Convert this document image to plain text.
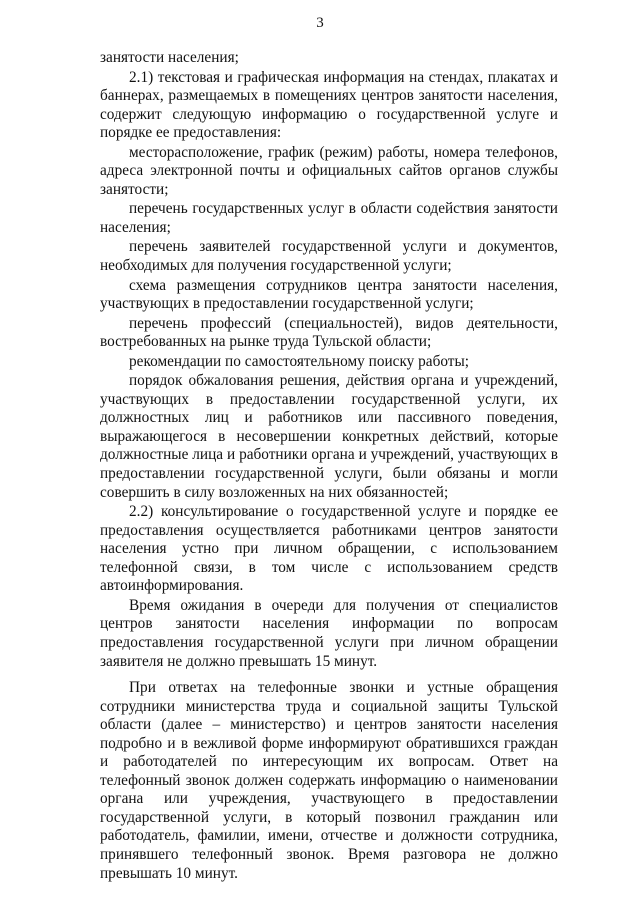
3

занятости населения;

2.1) текстовая и графическая информация на стендах, плакатах и баннерах, размещаемых в помещениях центров занятости населения, содержит следующую информацию о государственной услуге и порядке ее предоставления:

месторасположение, график (режим) работы, номера телефонов, адреса электронной почты и официальных сайтов органов службы занятости;

перечень государственных услуг в области содействия занятости населения;

перечень заявителей государственной услуги и документов, необходимых для получения государственной услуги;

схема размещения сотрудников центра занятости населения, участвующих в предоставлении государственной услуги;

перечень профессий (специальностей), видов деятельности, востребованных на рынке труда Тульской области;

рекомендации по самостоятельному поиску работы;

порядок обжалования решения, действия органа и учреждений, участвующих в предоставлении государственной услуги, их должностных лиц и работников или пассивного поведения, выражающегося в несовершении конкретных действий, которые должностные лица и работники органа и учреждений, участвующих в предоставлении государственной услуги, были обязаны и могли совершить в силу возложенных на них обязанностей;

2.2) консультирование о государственной услуге и порядке ее предоставления осуществляется работниками центров занятости населения устно при личном обращении, с использованием телефонной связи, в том числе с использованием средств автоинформирования.

Время ожидания в очереди для получения от специалистов центров занятости населения информации по вопросам предоставления государственной услуги при личном обращении заявителя не должно превышать 15 минут.

При ответах на телефонные звонки и устные обращения сотрудники министерства труда и социальной защиты Тульской области (далее – министерство) и центров занятости населения подробно и в вежливой форме информируют обратившихся граждан и работодателей по интересующим их вопросам. Ответ на телефонный звонок должен содержать информацию о наименовании органа или учреждения, участвующего в предоставлении государственной услуги, в который позвонил гражданин или работодатель, фамилии, имени, отчестве и должности сотрудника, принявшего телефонный звонок. Время разговора не должно превышать 10 минут.
